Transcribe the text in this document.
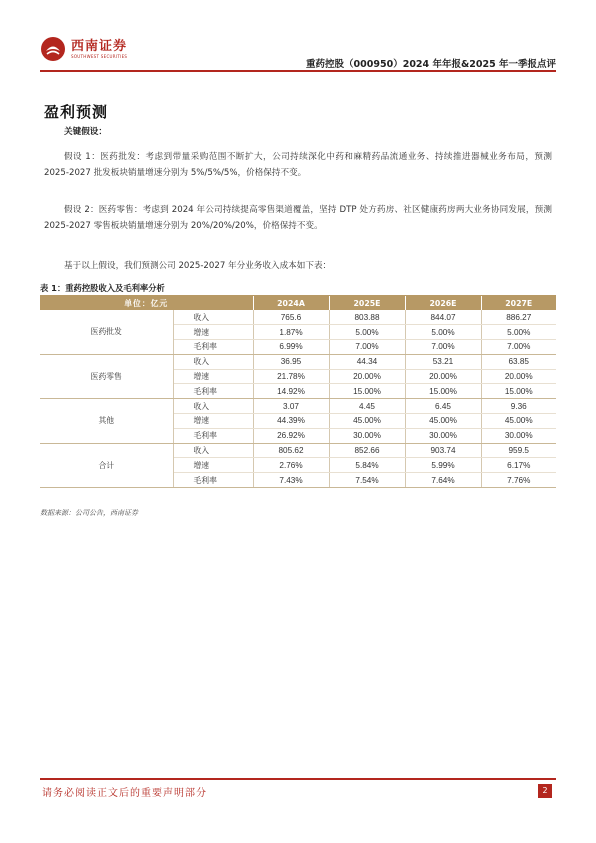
西南证券
SOUTHWEST SECURITIES
重药控股（000950）2024 年年报&2025 年一季报点评
盈利预测
关键假设：

假设 1：医药批发：考虑到带量采购范围不断扩大，公司持续深化中药和麻精药品流通业务、持续推进器械业务布局，预测 2025-2027 批发板块销量增速分别为 5%/5%/5%，价格保持不变。

假设 2：医药零售：考虑到 2024 年公司持续提高零售渠道覆盖，坚持 DTP 处方药房、社区健康药房两大业务协同发展，预测 2025-2027 零售板块销量增速分别为 20%/20%/20%，价格保持不变。

基于以上假设，我们预测公司 2025-2027 年分业务收入成本如下表：

表 1：重药控股收入及毛利率分析
单位：亿元		2024A	2025E	2026E	2027E
医药批发	收入	765.6	803.88	844.07	886.27
	增速	1.87%	5.00%	5.00%	5.00%
	毛利率	6.99%	7.00%	7.00%	7.00%
医药零售	收入	36.95	44.34	53.21	63.85
	增速	21.78%	20.00%	20.00%	20.00%
	毛利率	14.92%	15.00%	15.00%	15.00%
其他	收入	3.07	4.45	6.45	9.36
	增速	44.39%	45.00%	45.00%	45.00%
	毛利率	26.92%	30.00%	30.00%	30.00%
合计	收入	805.62	852.66	903.74	959.5
	增速	2.76%	5.84%	5.99%	6.17%
	毛利率	7.43%	7.54%	7.64%	7.76%
数据来源：公司公告，西南证券
请务必阅读正文后的重要声明部分	2
